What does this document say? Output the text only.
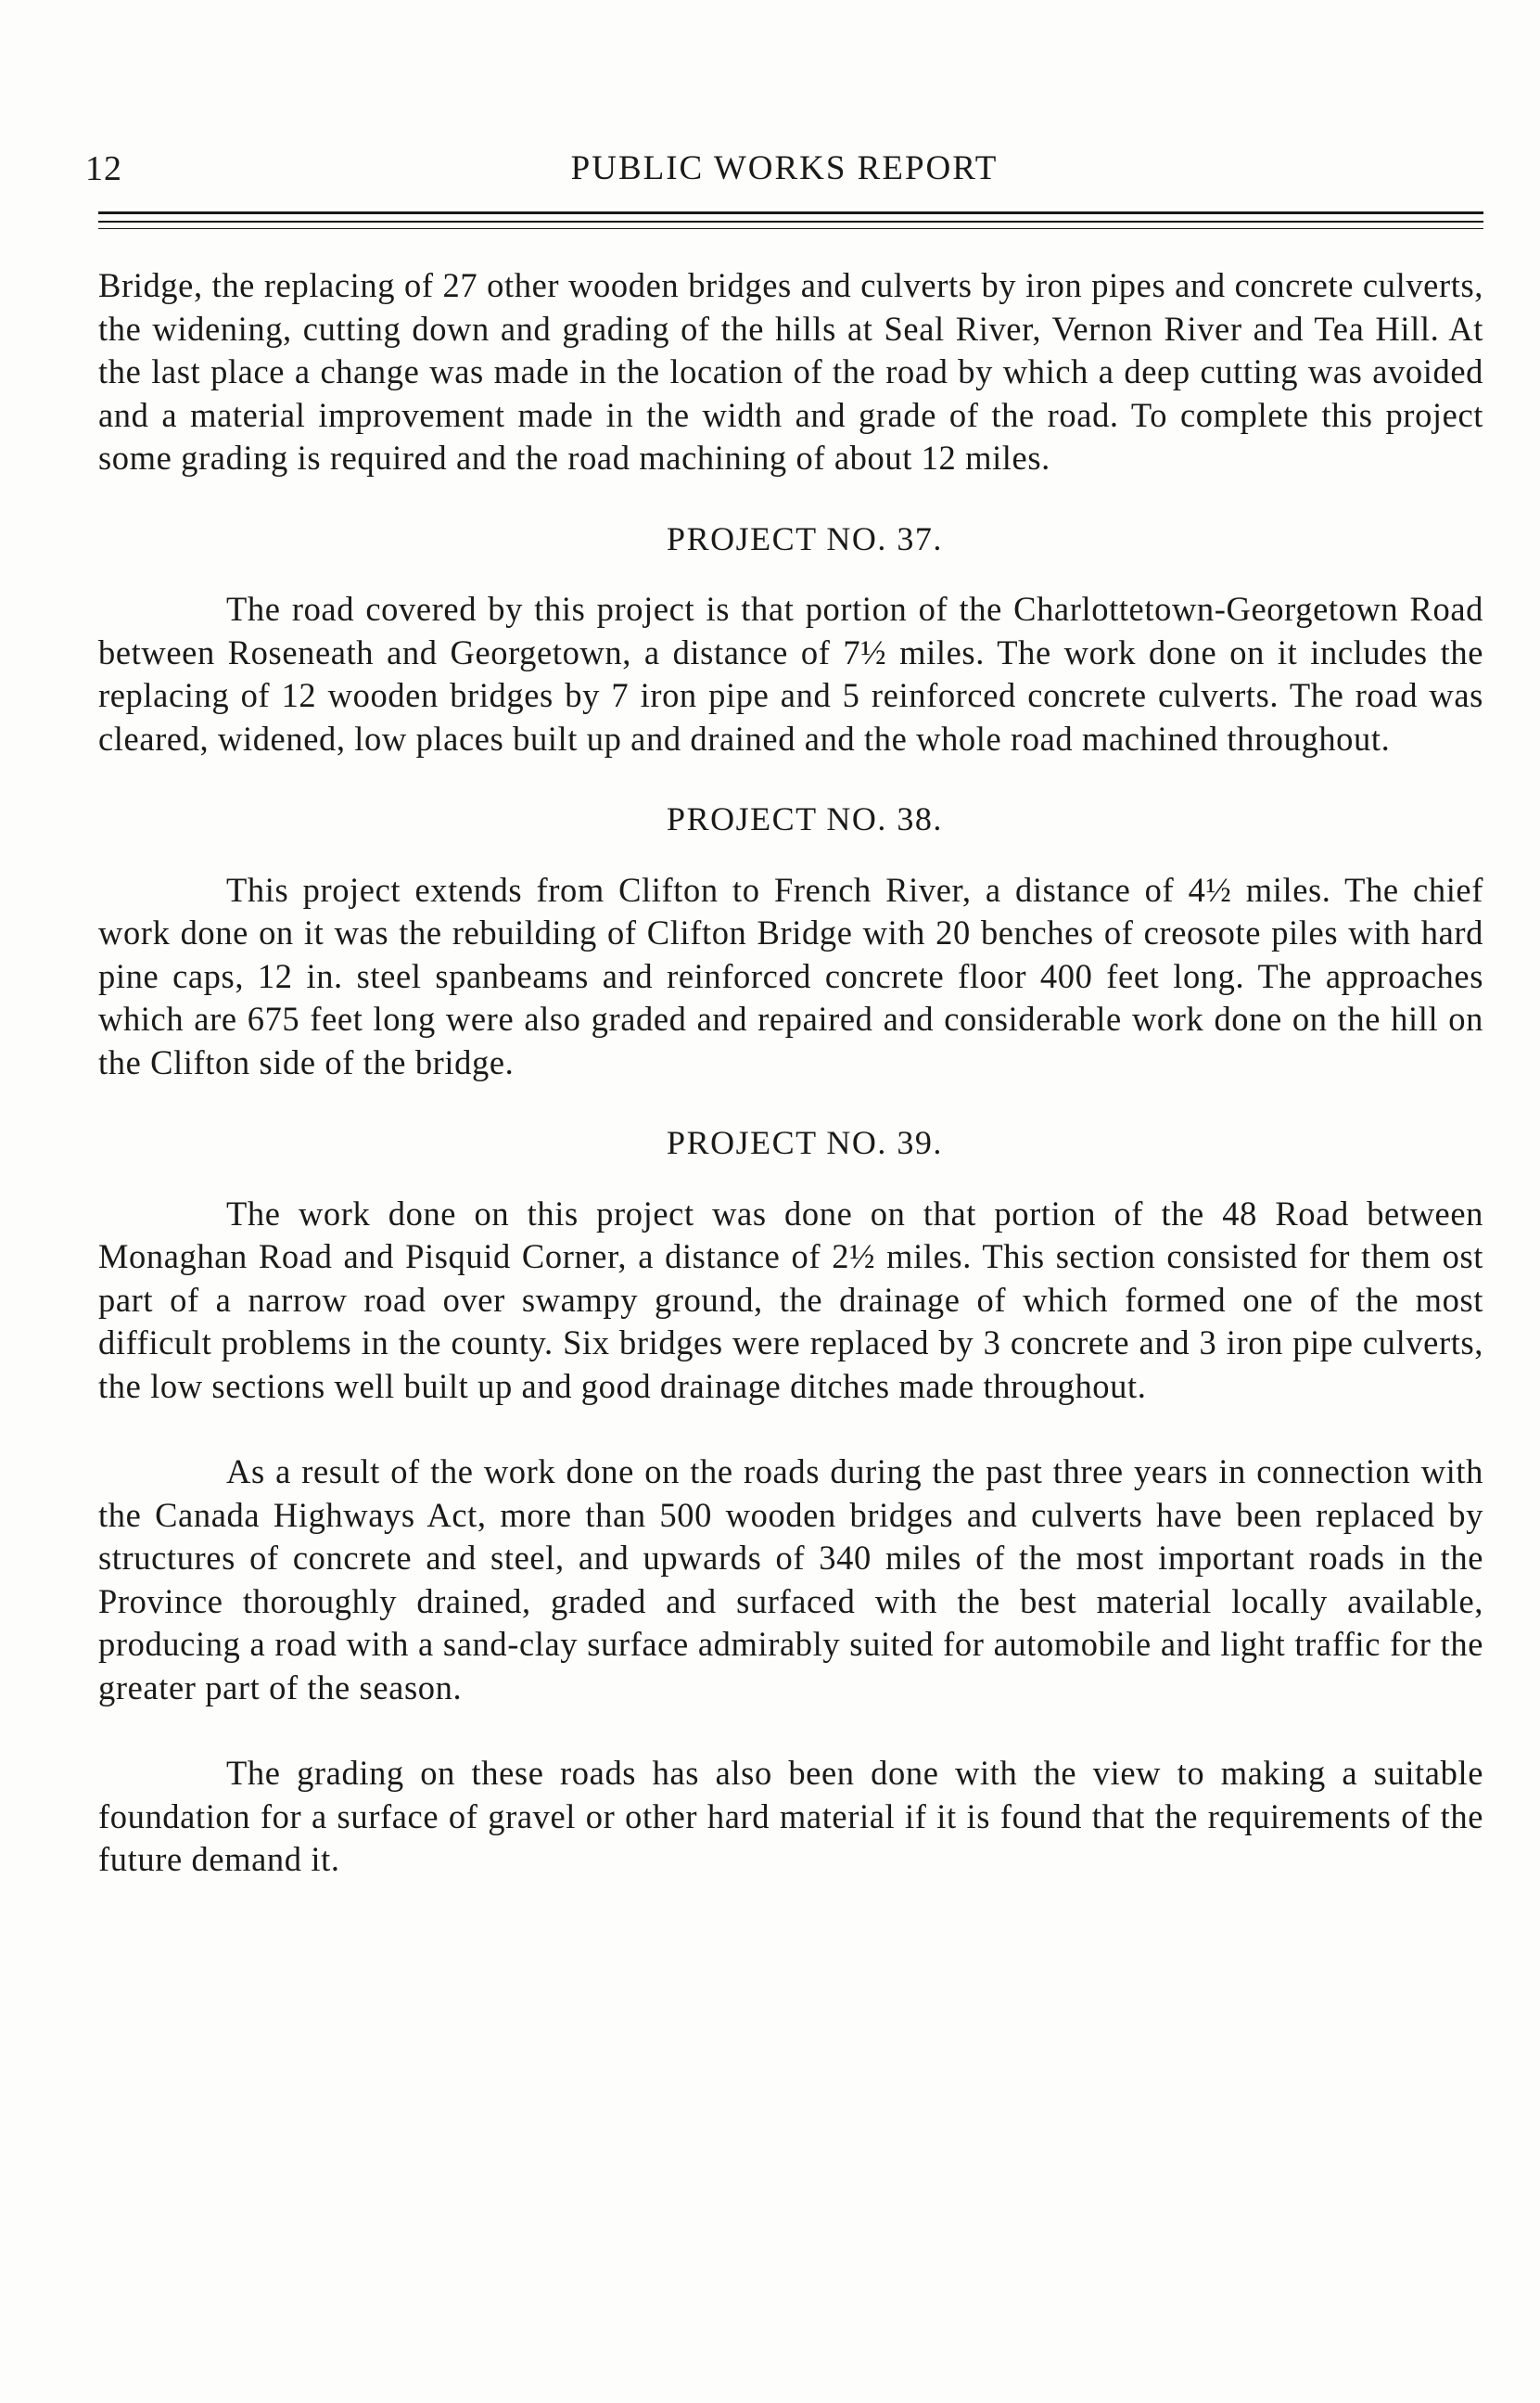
12	PUBLIC WORKS REPORT

Bridge, the replacing of 27 other wooden bridges and culverts by iron pipes and concrete culverts, the widening, cutting down and grading of the hills at Seal River, Vernon River and Tea Hill. At the last place a change was made in the location of the road by which a deep cutting was avoided and a material improvement made in the width and grade of the road. To complete this project some grading is required and the road machining of about 12 miles.

PROJECT NO. 37.

The road covered by this project is that portion of the Charlottetown-Georgetown Road between Roseneath and Georgetown, a distance of 7½ miles. The work done on it includes the replacing of 12 wooden bridges by 7 iron pipe and 5 reinforced concrete culverts. The road was cleared, widened, low places built up and drained and the whole road machined throughout.

PROJECT NO. 38.

This project extends from Clifton to French River, a distance of 4½ miles. The chief work done on it was the rebuilding of Clifton Bridge with 20 benches of creosote piles with hard pine caps, 12 in. steel spanbeams and reinforced concrete floor 400 feet long. The approaches which are 675 feet long were also graded and repaired and considerable work done on the hill on the Clifton side of the bridge.

PROJECT NO. 39.

The work done on this project was done on that portion of the 48 Road between Monaghan Road and Pisquid Corner, a distance of 2½ miles. This section consisted for them ost part of a narrow road over swampy ground, the drainage of which formed one of the most difficult problems in the county. Six bridges were replaced by 3 concrete and 3 iron pipe culverts, the low sections well built up and good drainage ditches made throughout.

As a result of the work done on the roads during the past three years in connection with the Canada Highways Act, more than 500 wooden bridges and culverts have been replaced by structures of concrete and steel, and upwards of 340 miles of the most important roads in the Province thoroughly drained, graded and surfaced with the best material locally available, producing a road with a sand-clay surface admirably suited for automobile and light traffic for the greater part of the season.

The grading on these roads has also been done with the view to making a suitable foundation for a surface of gravel or other hard material if it is found that the requirements of the future demand it.
